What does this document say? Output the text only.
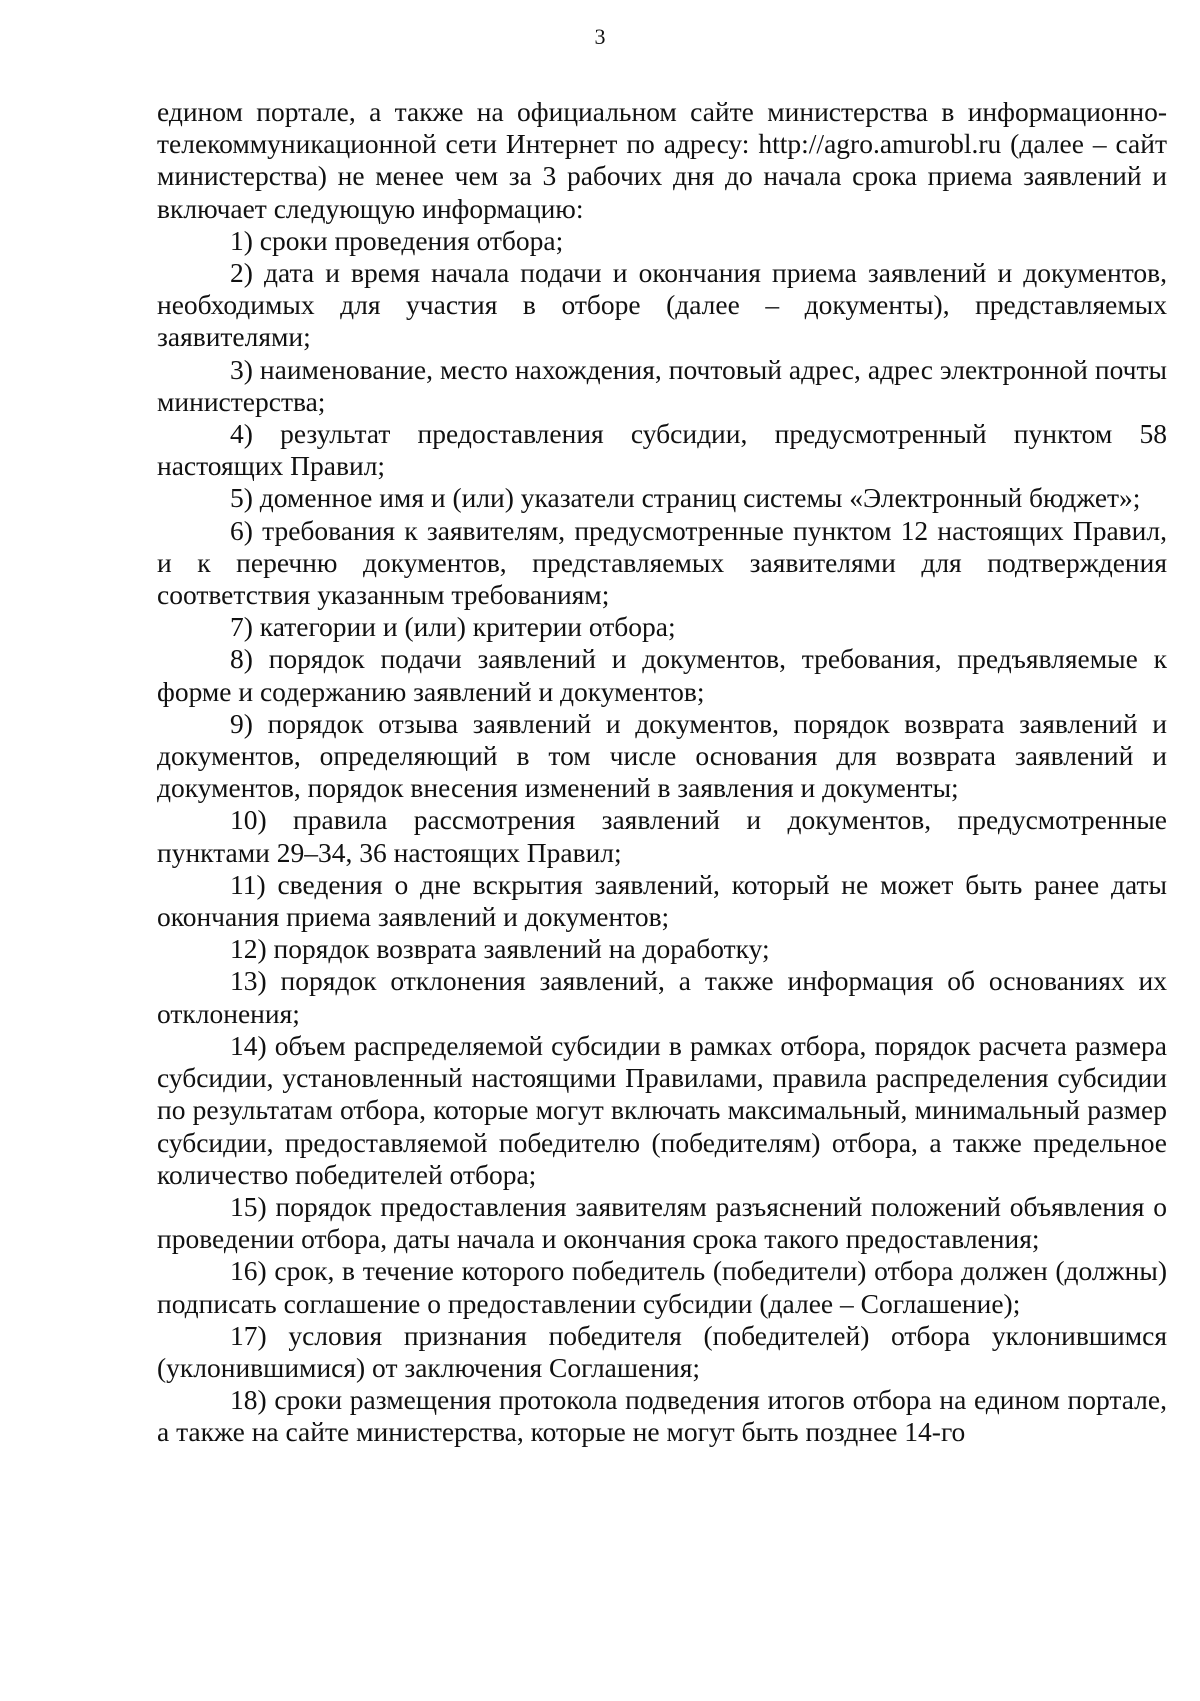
3

едином портале, а также на официальном сайте министерства в информационно-телекоммуникационной сети Интернет по адресу: http://agro.amurobl.ru (далее – сайт министерства) не менее чем за 3 рабочих дня до начала срока приема заявлений и включает следующую информацию:

1) сроки проведения отбора;

2) дата и время начала подачи и окончания приема заявлений и документов, необходимых для участия в отборе (далее – документы), представляемых заявителями;

3) наименование, место нахождения, почтовый адрес, адрес электронной почты министерства;

4) результат предоставления субсидии, предусмотренный пунктом 58 настоящих Правил;

5) доменное имя и (или) указатели страниц системы «Электронный бюджет»;

6) требования к заявителям, предусмотренные пунктом 12 настоящих Правил, и к перечню документов, представляемых заявителями для подтверждения соответствия указанным требованиям;

7) категории и (или) критерии отбора;

8) порядок подачи заявлений и документов, требования, предъявляемые к форме и содержанию заявлений и документов;

9) порядок отзыва заявлений и документов, порядок возврата заявлений и документов, определяющий в том числе основания для возврата заявлений и документов, порядок внесения изменений в заявления и документы;

10) правила рассмотрения заявлений и документов, предусмотренные пунктами 29–34, 36 настоящих Правил;

11) сведения о дне вскрытия заявлений, который не может быть ранее даты окончания приема заявлений и документов;

12) порядок возврата заявлений на доработку;

13) порядок отклонения заявлений, а также информация об основаниях их отклонения;

14) объем распределяемой субсидии в рамках отбора, порядок расчета размера субсидии, установленный настоящими Правилами, правила распределения субсидии по результатам отбора, которые могут включать максимальный, минимальный размер субсидии, предоставляемой победителю (победителям) отбора, а также предельное количество победителей отбора;

15) порядок предоставления заявителям разъяснений положений объявления о проведении отбора, даты начала и окончания срока такого предоставления;

16) срок, в течение которого победитель (победители) отбора должен (должны) подписать соглашение о предоставлении субсидии (далее – Соглашение);

17) условия признания победителя (победителей) отбора уклонившимся (уклонившимися) от заключения Соглашения;

18) сроки размещения протокола подведения итогов отбора на едином портале, а также на сайте министерства, которые не могут быть позднее 14-го
